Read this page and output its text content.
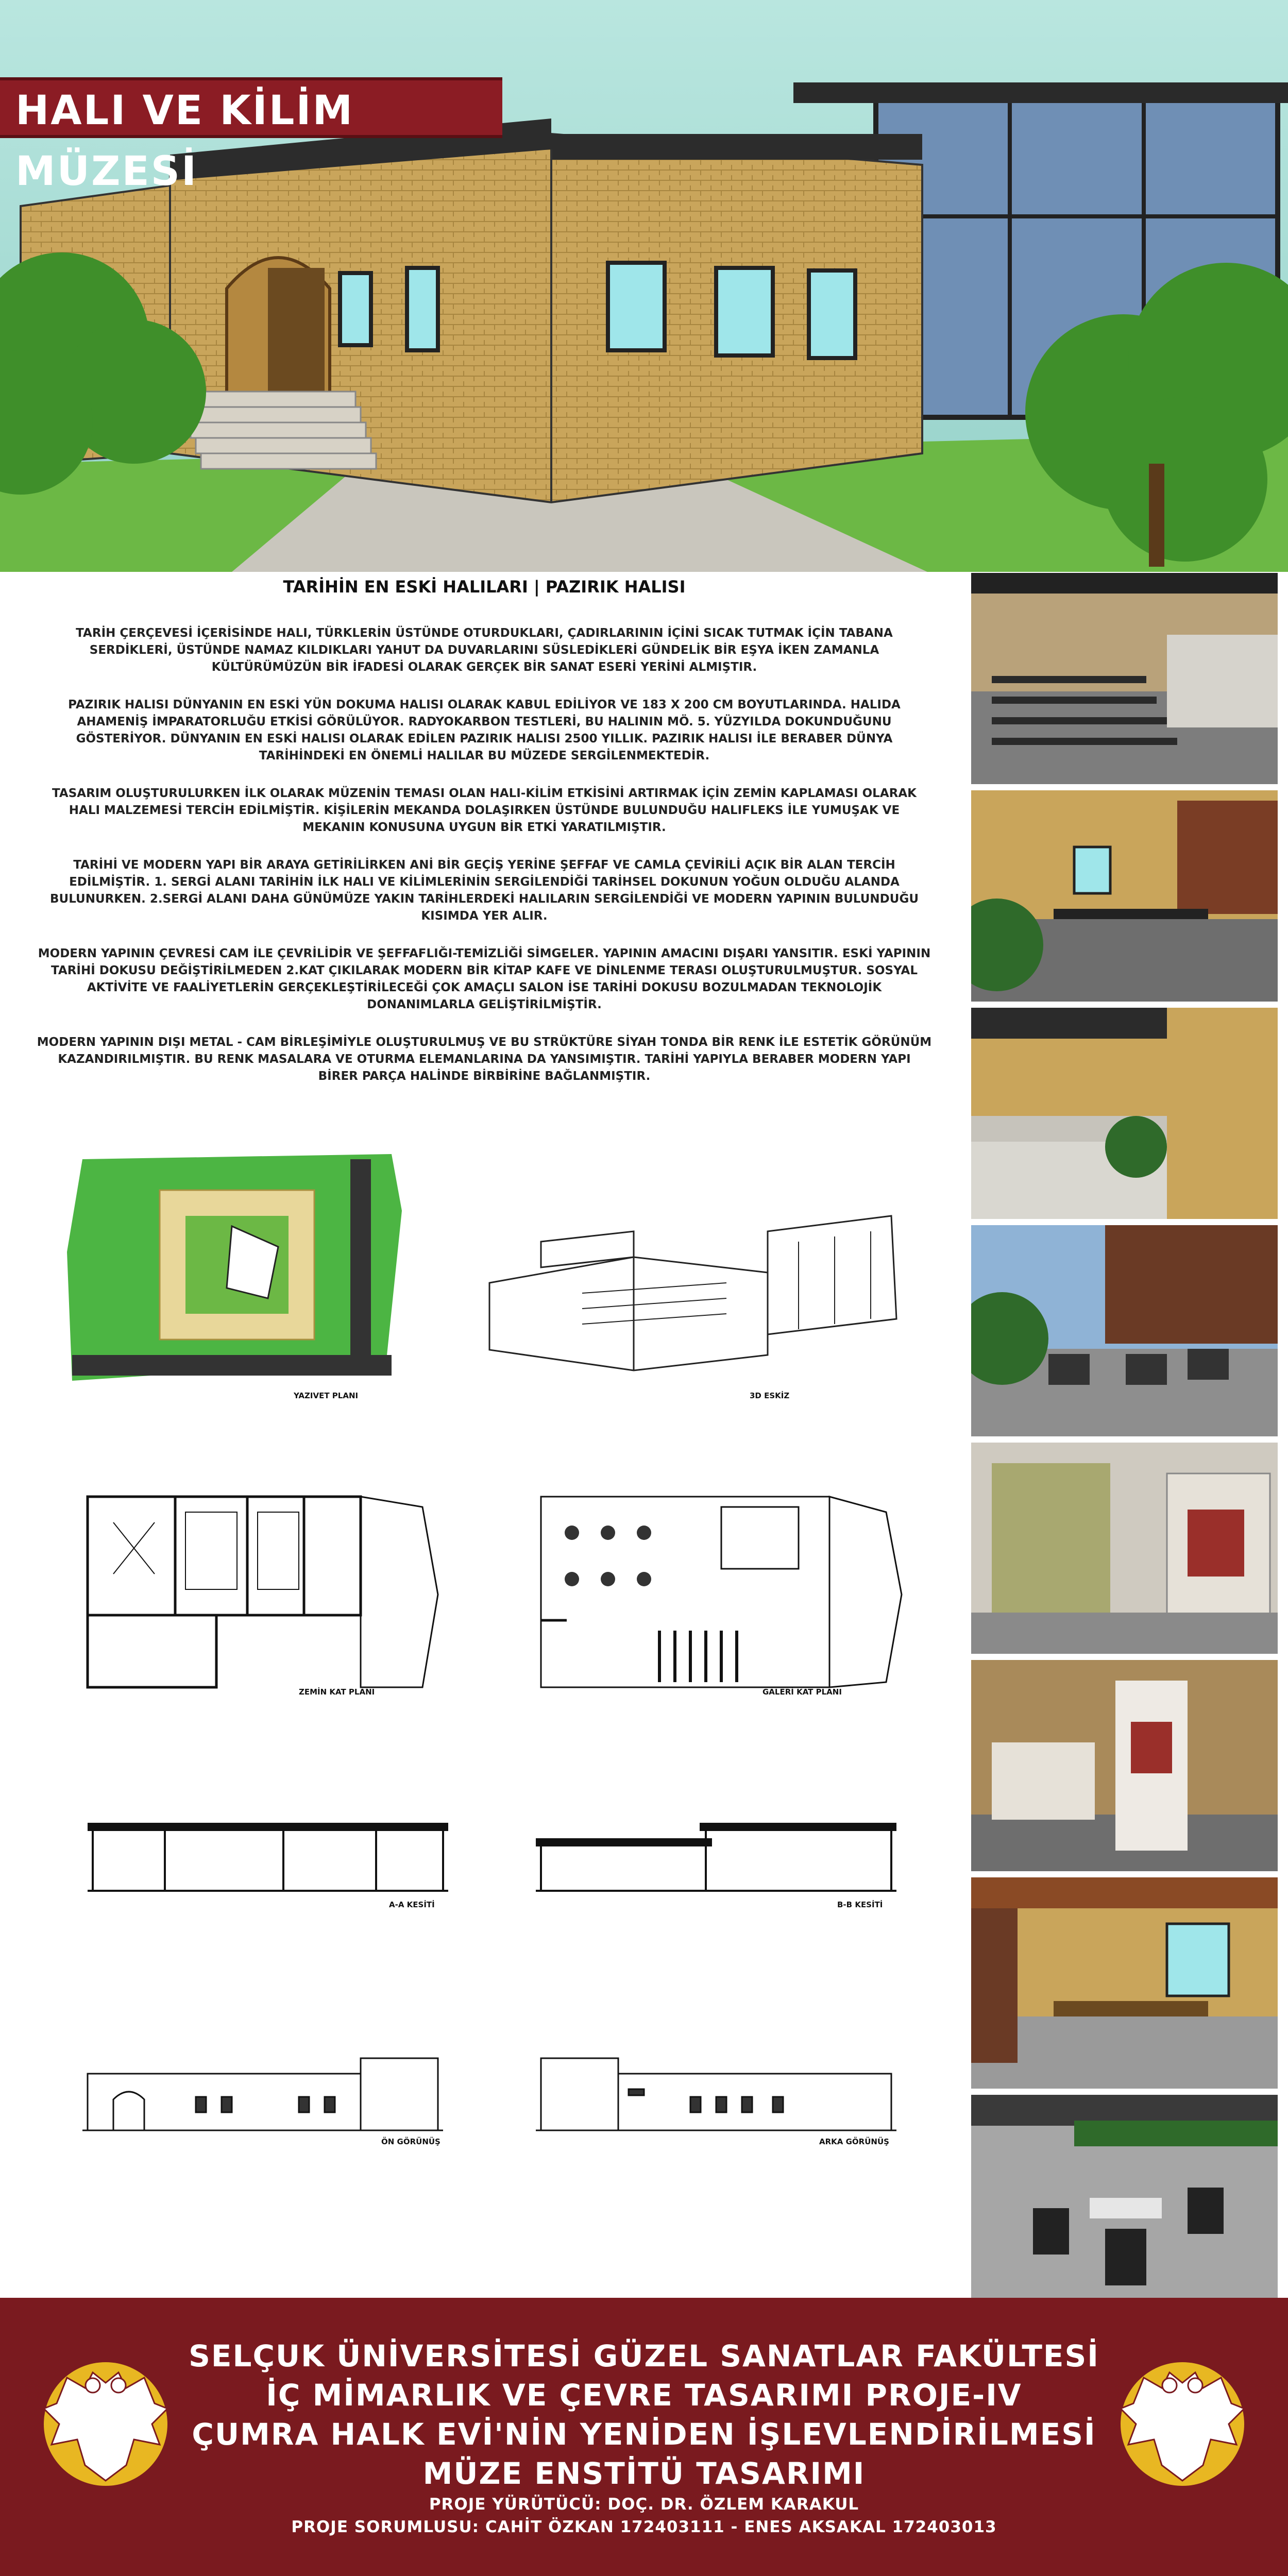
HALI VE KİLİM MÜZESİ
TARİHİN EN ESKİ HALILARI | PAZIRIK HALISI

TARİH ÇERÇEVESİ İÇERİSİNDE HALI, TÜRKLERİN ÜSTÜNDE OTURDUKLARI, ÇADIRLARININ İÇİNİ SICAK TUTMAK İÇİN TABANA SERDİKLERİ, ÜSTÜNDE NAMAZ KILDIKLARI YAHUT DA DUVARLARINI SÜSLEDİKLERİ GÜNDELİK BİR EŞYA İKEN ZAMANLA KÜLTÜRÜMÜZÜN BİR İFADESİ OLARAK GERÇEK BİR SANAT ESERİ YERİNİ ALMIŞTIR.

PAZIRIK HALISI DÜNYANIN EN ESKİ YÜN DOKUMA HALISI OLARAK KABUL EDİLİYOR VE 183 X 200 CM BOYUTLARINDA. HALIDA AHAMENİŞ İMPARATORLUĞU ETKİSİ GÖRÜLÜYOR. RADYOKARBON TESTLERİ, BU HALININ MÖ. 5. YÜZYILDA DOKUNDUĞUNU GÖSTERİYOR. DÜNYANIN EN ESKİ HALISI OLARAK EDİLEN PAZIRIK HALISI 2500 YILLIK. PAZIRIK HALISI İLE BERABER DÜNYA TARİHİNDEKİ EN ÖNEMLİ HALILAR BU MÜZEDE SERGİLENMEKTEDİR.

TASARIM OLUŞTURULURKEN İLK OLARAK MÜZENİN TEMASI OLAN HALI-KİLİM ETKİSİNİ ARTIRMAK İÇİN ZEMİN KAPLAMASI OLARAK HALI MALZEMESİ TERCİH EDİLMİŞTİR. KİŞİLERİN MEKANDA DOLAŞIRKEN ÜSTÜNDE BULUNDUĞU HALIFLEKS İLE YUMUŞAK VE MEKANIN KONUSUNA UYGUN BİR ETKİ YARATILMIŞTIR.

TARİHİ VE MODERN YAPI BİR ARAYA GETİRİLİRKEN ANİ BİR GEÇİŞ YERİNE ŞEFFAF VE CAMLA ÇEVİRİLİ AÇIK BİR ALAN TERCİH EDİLMİŞTİR. 1. SERGİ ALANI TARİHİN İLK HALI VE KİLİMLERİNİN SERGİLENDİĞİ TARİHSEL DOKUNUN YOĞUN OLDUĞU ALANDA BULUNURKEN. 2.SERGİ ALANI DAHA GÜNÜMÜZE YAKIN TARİHLERDEKİ HALILARIN SERGİLENDİĞİ VE MODERN YAPININ BULUNDUĞU KISIMDA YER ALIR.

MODERN YAPININ ÇEVRESİ CAM İLE ÇEVRİLİDİR VE ŞEFFAFLIĞI-TEMİZLİĞİ SİMGELER. YAPININ AMACINI DIŞARI YANSITIR. ESKİ YAPININ TARİHİ DOKUSU DEĞİŞTİRİLMEDEN 2.KAT ÇIKILARAK MODERN BİR KİTAP KAFE VE DİNLENME TERASI OLUŞTURULMUŞTUR. SOSYAL AKTİVİTE VE FAALİYETLERİN GERÇEKLEŞTİRİLECEĞİ ÇOK AMAÇLI SALON İSE TARİHİ DOKUSU BOZULMADAN TEKNOLOJİK DONANIMLARLA GELİŞTİRİLMİŞTİR.

MODERN YAPININ DIŞI METAL - CAM BİRLEŞİMİYLE OLUŞTURULMUŞ VE BU STRÜKTÜRE SİYAH TONDA BİR RENK İLE ESTETİK GÖRÜNÜM KAZANDIRILMIŞTIR. BU RENK MASALARA VE OTURMA ELEMANLARINA DA YANSIMIŞTIR. TARİHİ YAPIYLA BERABER MODERN YAPI BİRER PARÇA HALİNDE BİRBİRİNE BAĞLANMIŞTIR.

YAZIVET PLANI	3D ESKİZ
ZEMİN KAT PLANI	GALERİ KAT PLANI
A-A KESİTİ	B-B KESİTİ
ÖN GÖRÜNÜŞ	ARKA GÖRÜNÜŞ
SELÇUK ÜNİVERSİTESİ GÜZEL SANATLAR FAKÜLTESİ
İÇ MİMARLIK VE ÇEVRE TASARIMI PROJE-IV
ÇUMRA HALK EVİ'NİN YENİDEN İŞLEVLENDİRİLMESİ
MÜZE ENSTİTÜ TASARIMI
PROJE YÜRÜTÜCÜ: DOÇ. DR. ÖZLEM KARAKUL
PROJE SORUMLUSU: CAHİT ÖZKAN 172403111 - ENES AKSAKAL 172403013
